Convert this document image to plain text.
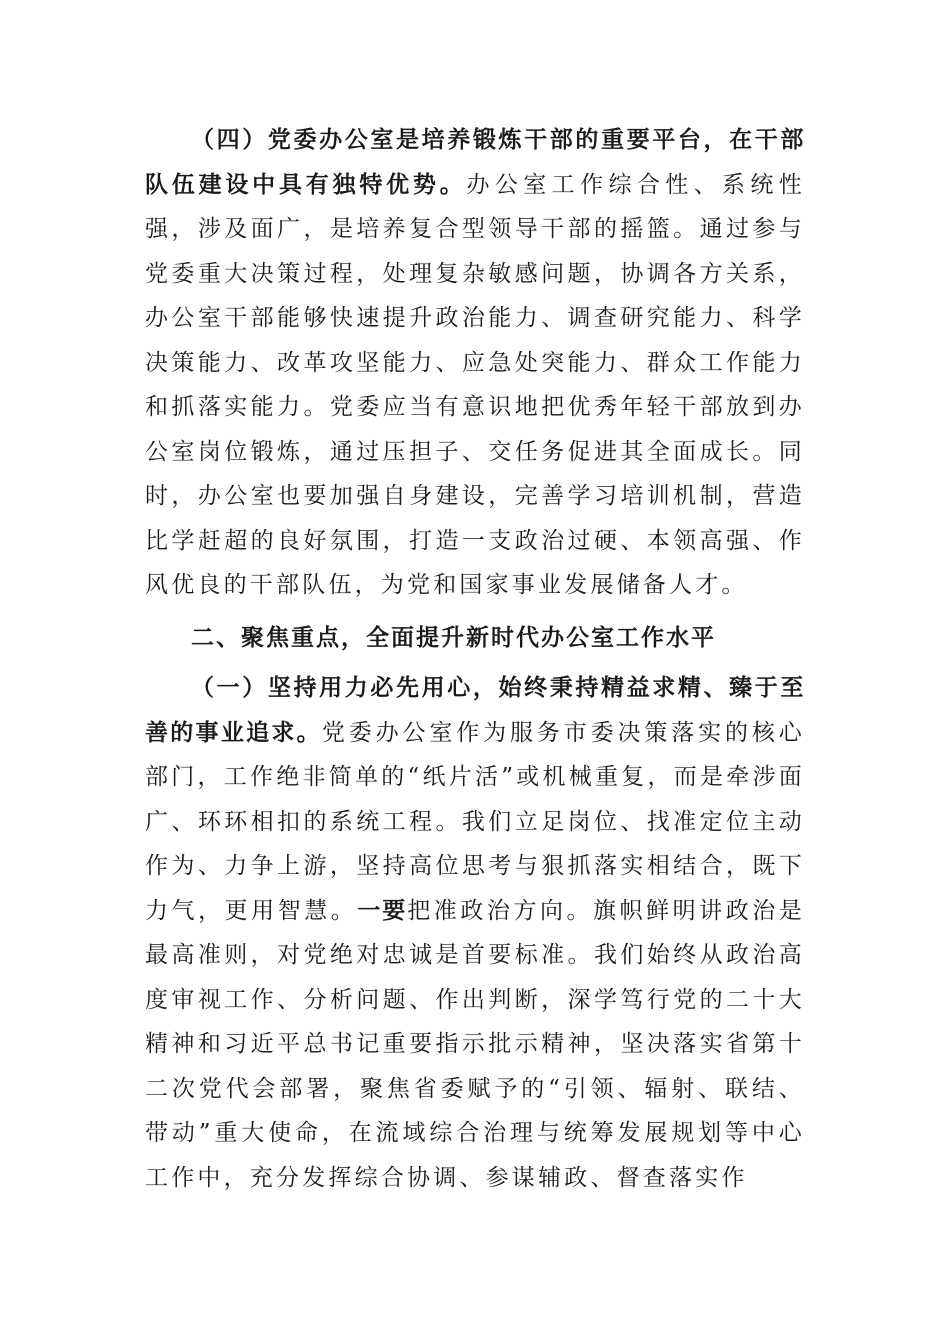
（四）党委办公室是培养锻炼干部的重要平台，在干部队伍建设中具有独特优势。办公室工作综合性、系统性强，涉及面广，是培养复合型领导干部的摇篮。通过参与党委重大决策过程，处理复杂敏感问题，协调各方关系，办公室干部能够快速提升政治能力、调查研究能力、科学决策能力、改革攻坚能力、应急处突能力、群众工作能力和抓落实能力。党委应当有意识地把优秀年轻干部放到办公室岗位锻炼，通过压担子、交任务促进其全面成长。同时，办公室也要加强自身建设，完善学习培训机制，营造比学赶超的良好氛围，打造一支政治过硬、本领高强、作风优良的干部队伍，为党和国家事业发展储备人才。

二、聚焦重点，全面提升新时代办公室工作水平

（一）坚持用力必先用心，始终秉持精益求精、臻于至善的事业追求。党委办公室作为服务市委决策落实的核心部门，工作绝非简单的“纸片活”或机械重复，而是牵涉面广、环环相扣的系统工程。我们立足岗位、找准定位主动作为、力争上游，坚持高位思考与狠抓落实相结合，既下力气，更用智慧。一要把准政治方向。旗帜鲜明讲政治是最高准则，对党绝对忠诚是首要标准。我们始终从政治高度审视工作、分析问题、作出判断，深学笃行党的二十大精神和习近平总书记重要指示批示精神，坚决落实省第十二次党代会部署，聚焦省委赋予的“引领、辐射、联结、带动”重大使命，在流域综合治理与统筹发展规划等中心工作中，充分发挥综合协调、参谋辅政、督查落实作
